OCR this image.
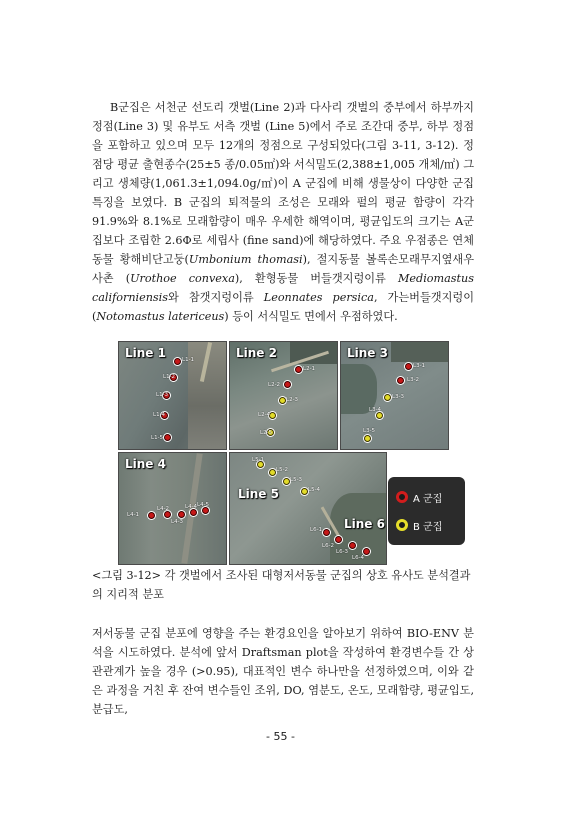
B군집은 서천군 선도리 갯벌(Line 2)과 다사리 갯벌의 중부에서 하부까지 정점(Line 3) 및 유부도 서측 갯벌 (Line 5)에서 주로 조간대 중부, 하부 정점을 포함하고 있으며 모두 12개의 정점으로 구성되었다(그림 3-11, 3-12). 정점당 평균 출현종수(25±5 종/0.05㎡)와 서식밀도(2,388±1,005 개체/㎡) 그리고 생체량(1,061.3±1,094.0g/㎡)이 A 군집에 비해 생물상이 다양한 군집 특징을 보였다. B 군집의 퇴적물의 조성은 모래와 펄의 평균 함량이 각각 91.9%와 8.1%로 모래함량이 매우 우세한 해역이며, 평균입도의 크기는 A군집보다 조립한 2.6Φ로 세립사 (fine sand)에 해당하였다. 주요 우점종은 연체동물 황해비단고둥(Umbonium thomasi), 절지동물 볼록손모래무지옆새우사촌 (Urothoe convexa), 환형동물 버들갯지렁이류 Mediomastus californiensis와 참갯지렁이류 Leonnates persica, 가는버들갯지렁이(Notomastus latericeus) 등이 서식밀도 면에서 우점하였다.

Line 1	L1-1
L1-2
L1-3
L1-4
L1-5
Line 2
L2-1
L2-2
L2-3
L2-4
L2-5
Line 3
L3-1
L3-2
L3-3
L3-4
L3-5
Line 4
L4-1
L4-2
L4-3
L4-4 L4-5
Line 5
Line 6
L5-1
L5-2
L5-3
L5-4
L6-1
L6-2
L6-3
L6-4
A 군집
B 군집

<그림 3-12> 각 갯벌에서 조사된 대형저서동물 군집의 상호 유사도 분석결과의 지리적 분포

저서동물 군집 분포에 영향을 주는 환경요인을 알아보기 위하여 BIO-ENV 분석을 시도하였다. 분석에 앞서 Draftsman plot을 작성하여 환경변수들 간 상관관계가 높을 경우 (>0.95), 대표적인 변수 하나만을 선정하였으며, 이와 같은 과정을 거친 후 잔여 변수들인 조위, DO, 염분도, 온도, 모래함량, 평균입도, 분급도,

- 55 -
